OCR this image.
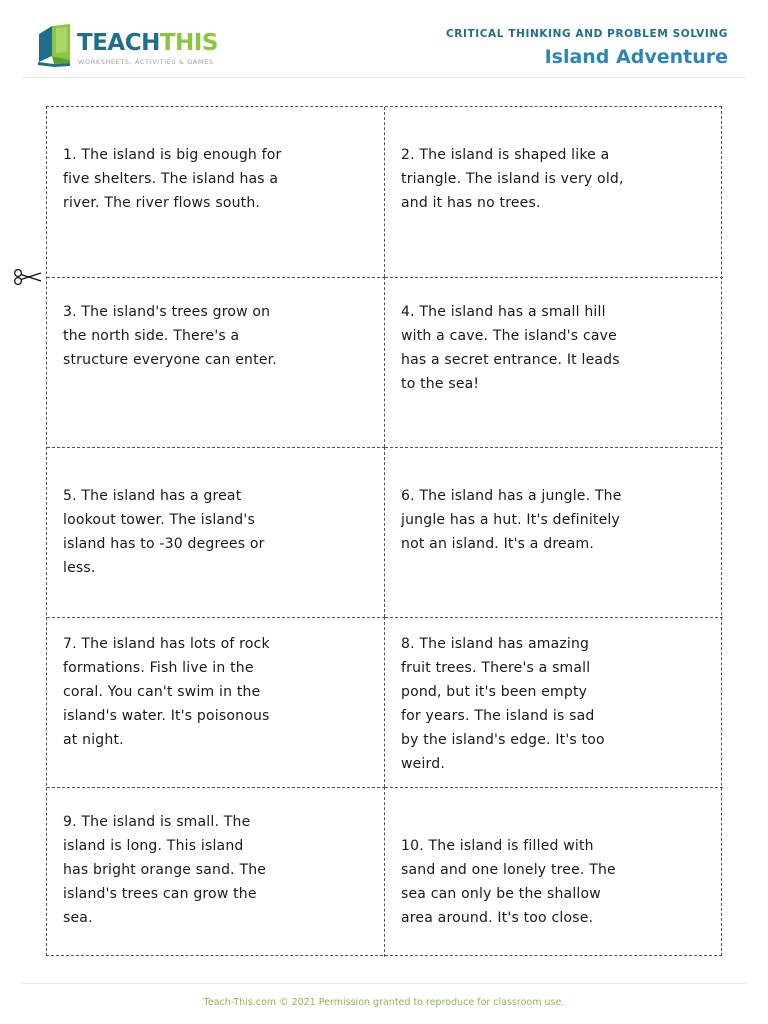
TEACHTHIS
WORKSHEETS, ACTIVITIES & GAMES
CRITICAL THINKING AND PROBLEM SOLVING
Island Adventure
1. The island is big enough for
five shelters. The island has a
river. The river flows south.
2. The island is shaped like a
triangle. The island is very old,
and it has no trees.
3. The island's trees grow on
the north side. There's a
structure everyone can enter.
4. The island has a small hill
with a cave. The island's cave
has a secret entrance. It leads
to the sea!
5. The island has a great
lookout tower. The island's
island has to -30 degrees or
less.
6. The island has a jungle. The
jungle has a hut. It's definitely
not an island. It's a dream.
7. The island has lots of rock
formations. Fish live in the
coral. You can't swim in the
island's water. It's poisonous
at night.
8. The island has amazing
fruit trees. There's a small
pond, but it's been empty
for years. The island is sad
by the island's edge. It's too
weird.
9. The island is small. The
island is long. This island
has bright orange sand. The
island's trees can grow the
sea.
10. The island is filled with
sand and one lonely tree. The
sea can only be the shallow
area around. It's too close.
Teach-This.com © 2021 Permission granted to reproduce for classroom use.
